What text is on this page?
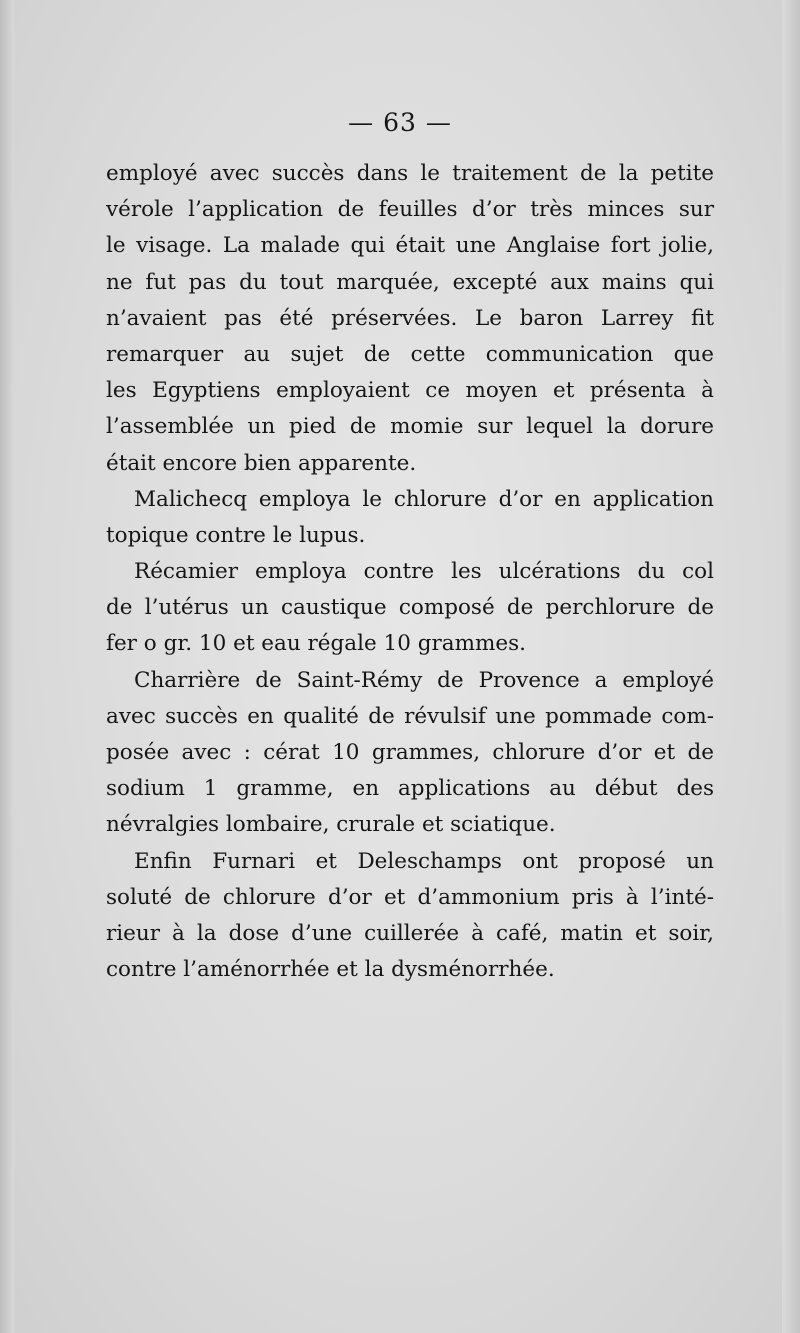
— 63 —
employé avec succès dans le traitement de la petite
vérole l’application de feuilles d’or très minces sur
le visage. La malade qui était une Anglaise fort jolie,
ne fut pas du tout marquée, excepté aux mains qui
n’avaient pas été préservées. Le baron Larrey fit
remarquer au sujet de cette communication que
les Egyptiens employaient ce moyen et présenta à
l’assemblée un pied de momie sur lequel la dorure
était encore bien apparente.
Malichecq employa le chlorure d’or en application
topique contre le lupus.
Récamier employa contre les ulcérations du col
de l’utérus un caustique composé de perchlorure de
fer o gr. 10 et eau régale 10 grammes.
Charrière de Saint-Rémy de Provence a employé
avec succès en qualité de révulsif une pommade com-
posée avec : cérat 10 grammes, chlorure d’or et de
sodium 1 gramme, en applications au début des
névralgies lombaire, crurale et sciatique.
Enfin Furnari et Deleschamps ont proposé un
soluté de chlorure d’or et d’ammonium pris à l’inté-
rieur à la dose d’une cuillerée à café, matin et soir,
contre l’aménorrhée et la dysménorrhée.
